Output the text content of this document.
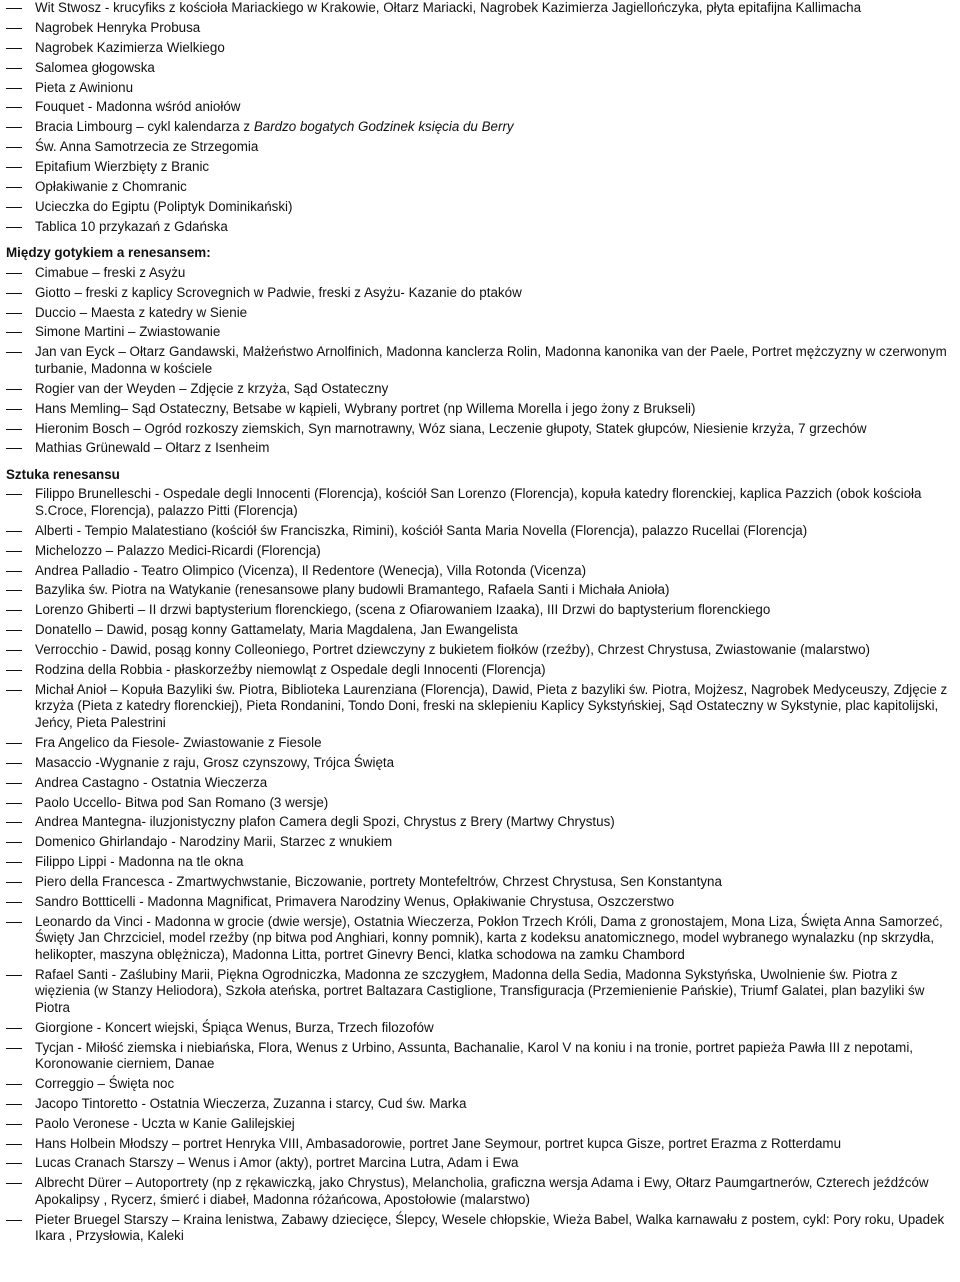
Wit Stwosz - krucyfiks z kościoła Mariackiego w Krakowie, Ołtarz Mariacki, Nagrobek Kazimierza Jagiellończyka, płyta epitafijna Kallimacha
Nagrobek Henryka Probusa
Nagrobek Kazimierza Wielkiego
Salomea głogowska
Pieta z Awinionu
Fouquet - Madonna wśród aniołów
Bracia Limbourg – cykl kalendarza z Bardzo bogatych Godzinek księcia du Berry
Św. Anna Samotrzecia ze Strzegomia
Epitafium Wierzbięty z Branic
Opłakiwanie z Chomranic
Ucieczka do Egiptu (Poliptyk Dominikański)
Tablica 10 przykazań z Gdańska
Między gotykiem a renesansem:
Cimabue – freski z Asyżu
Giotto – freski z kaplicy Scrovegnich w Padwie, freski z Asyżu- Kazanie do ptaków
Duccio – Maesta z katedry w Sienie
Simone Martini – Zwiastowanie
Jan van Eyck – Ołtarz Gandawski, Małżeństwo Arnolfinich, Madonna kanclerza Rolin, Madonna kanonika van der Paele, Portret mężczyzny w czerwonym turbanie, Madonna w kościele
Rogier van der Weyden – Zdjęcie z krzyża, Sąd Ostateczny
Hans Memling– Sąd Ostateczny, Betsabe w kąpieli, Wybrany portret (np Willema Morella i jego żony z Brukseli)
Hieronim Bosch – Ogród rozkoszy ziemskich, Syn marnotrawny, Wóz siana, Leczenie głupoty, Statek głupców, Niesienie krzyża, 7 grzechów
Mathias Grünewald – Ołtarz z Isenheim
Sztuka renesansu
Filippo Brunelleschi - Ospedale degli Innocenti (Florencja), kościół San Lorenzo (Florencja), kopuła katedry florenckiej, kaplica Pazzich (obok kościoła S.Croce, Florencja), palazzo Pitti (Florencja)
Alberti - Tempio Malatestiano (kościół św Franciszka, Rimini), kościół Santa Maria Novella (Florencja), palazzo Rucellai (Florencja)
Michelozzo – Palazzo Medici-Ricardi (Florencja)
Andrea Palladio - Teatro Olimpico (Vicenza), Il Redentore (Wenecja), Villa Rotonda (Vicenza)
Bazylika św. Piotra na Watykanie (renesansowe plany budowli Bramantego, Rafaela Santi i Michała Anioła)
Lorenzo Ghiberti – II drzwi baptysterium florenckiego, (scena z Ofiarowaniem Izaaka), III Drzwi do baptysterium florenckiego
Donatello – Dawid, posąg konny Gattamelaty, Maria Magdalena, Jan Ewangelista
Verrocchio - Dawid, posąg konny Colleoniego, Portret dziewczyny z bukietem fiołków (rzeźby), Chrzest Chrystusa, Zwiastowanie (malarstwo)
Rodzina della Robbia - płaskorzeźby niemowląt z Ospedale degli Innocenti (Florencja)
Michał Anioł – Kopuła Bazyliki św. Piotra, Biblioteka Laurenziana (Florencja), Dawid, Pieta z bazyliki św. Piotra, Mojżesz, Nagrobek Medyceuszy, Zdjęcie z krzyża (Pieta z katedry florenckiej), Pieta Rondanini, Tondo Doni, freski na sklepieniu Kaplicy Sykstyńskiej, Sąd Ostateczny w Sykstynie, plac kapitolijski, Jeńcy, Pieta Palestrini
Fra Angelico da Fiesole- Zwiastowanie z Fiesole
Masaccio -Wygnanie z raju, Grosz czynszowy, Trójca Święta
Andrea Castagno - Ostatnia Wieczerza
Paolo Uccello- Bitwa pod San Romano (3 wersje)
Andrea Mantegna- iluzjonistyczny plafon Camera degli Spozi, Chrystus z Brery (Martwy Chrystus)
Domenico Ghirlandajo - Narodziny Marii, Starzec z wnukiem
Filippo Lippi - Madonna na tle okna
Piero della Francesca - Zmartwychwstanie, Biczowanie, portrety Montefeltrów, Chrzest Chrystusa, Sen Konstantyna
Sandro Bottticelli - Madonna Magnificat, Primavera Narodziny Wenus, Opłakiwanie Chrystusa, Oszczerstwo
Leonardo da Vinci - Madonna w grocie (dwie wersje), Ostatnia Wieczerza, Pokłon Trzech Króli, Dama z gronostajem, Mona Liza, Święta Anna Samorzeć, Święty Jan Chrzciciel, model rzeźby (np bitwa pod Anghiari, konny pomnik), karta z kodeksu anatomicznego, model wybranego wynalazku (np skrzydła, helikopter, maszyna oblężnicza), Madonna Litta, portret Ginevry Benci, klatka schodowa na zamku Chambord
Rafael Santi - Zaślubiny Marii, Piękna Ogrodniczka, Madonna ze szczygłem, Madonna della Sedia, Madonna Sykstyńska, Uwolnienie św. Piotra z więzienia (w Stanzy Heliodora), Szkoła ateńska, portret Baltazara Castiglione, Transfiguracja (Przemienienie Pańskie), Triumf Galatei, plan bazyliki św Piotra
Giorgione - Koncert wiejski, Śpiąca Wenus, Burza, Trzech filozofów
Tycjan - Miłość ziemska i niebiańska, Flora, Wenus z Urbino, Assunta, Bachanalie, Karol V na koniu i na tronie, portret papieża Pawła III z nepotami, Koronowanie cierniem, Danae
Correggio – Święta noc
Jacopo Tintoretto - Ostatnia Wieczerza, Zuzanna i starcy, Cud św. Marka
Paolo Veronese - Uczta w Kanie Galilejskiej
Hans Holbein Młodszy – portret Henryka VIII, Ambasadorowie, portret Jane Seymour, portret kupca Gisze, portret Erazma z Rotterdamu
Lucas Cranach Starszy – Wenus i Amor (akty), portret Marcina Lutra, Adam i Ewa
Albrecht Dürer – Autoportrety (np z rękawiczką, jako Chrystus), Melancholia, graficzna wersja Adama i Ewy, Ołtarz Paumgartnerów, Czterech jeźdźców Apokalipsy , Rycerz, śmierć i diabeł, Madonna różańcowa, Apostołowie (malarstwo)
Pieter Bruegel Starszy – Kraina lenistwa, Zabawy dziecięce, Ślepcy, Wesele chłopskie, Wieża Babel, Walka karnawału z postem, cykl: Pory roku, Upadek Ikara , Przysłowia, Kaleki
